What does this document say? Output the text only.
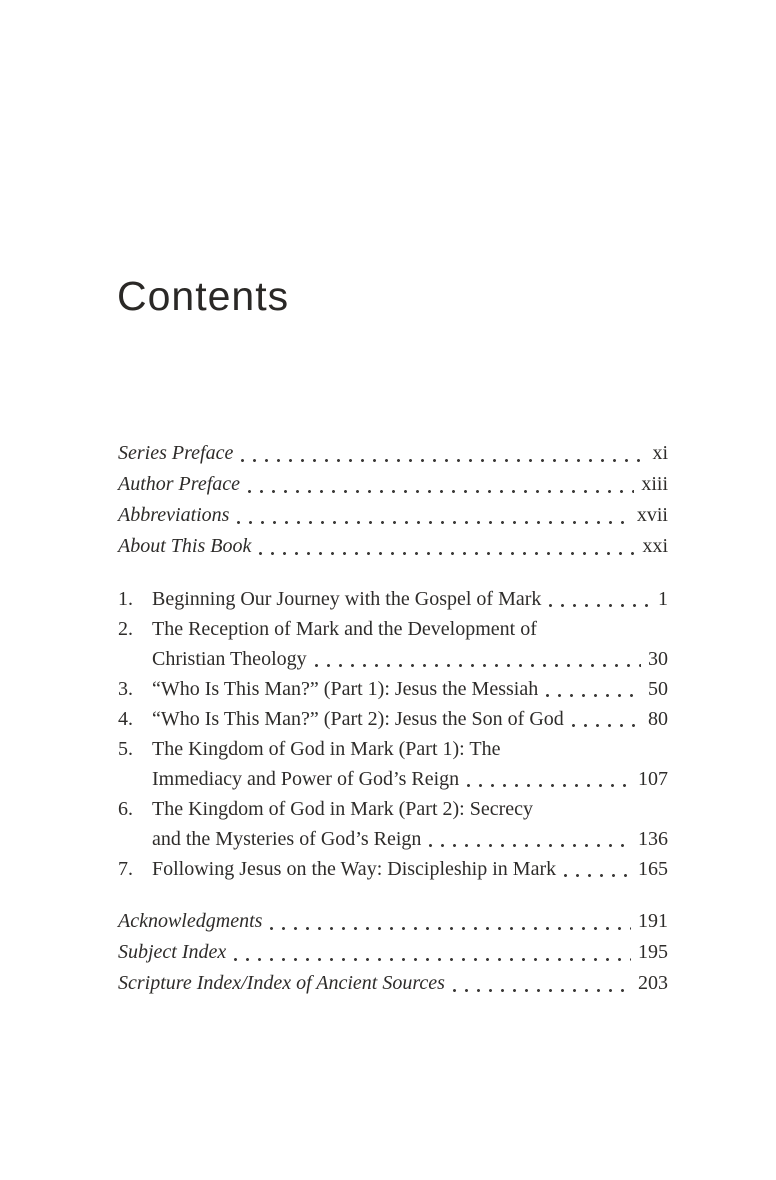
Contents
Series Preface	xi
Author Preface	xiii
Abbreviations	xvii
About This Book	xxi
1. Beginning Our Journey with the Gospel of Mark	1
2. The Reception of Mark and the Development of
Christian Theology	30
3. “Who Is This Man?” (Part 1): Jesus the Messiah	50
4. “Who Is This Man?” (Part 2): Jesus the Son of God	80
5. The Kingdom of God in Mark (Part 1): The
Immediacy and Power of God’s Reign	107
6. The Kingdom of God in Mark (Part 2): Secrecy
and the Mysteries of God’s Reign	136
7. Following Jesus on the Way: Discipleship in Mark	165
Acknowledgments	191
Subject Index	195
Scripture Index/Index of Ancient Sources	203
